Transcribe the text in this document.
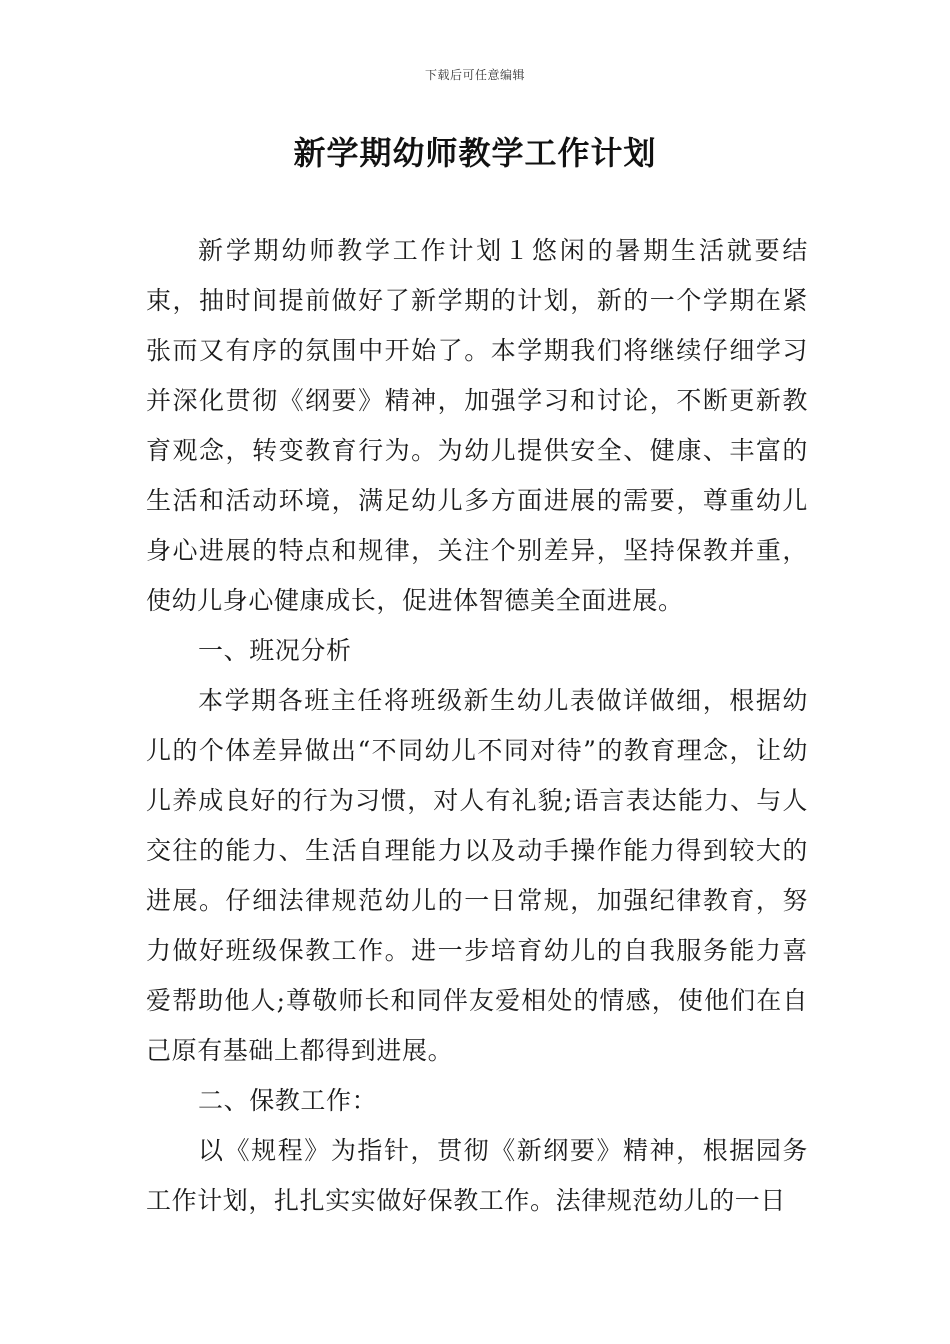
下载后可任意编辑
新学期幼师教学工作计划

新学期幼师教学工作计划１悠闲的暑期生活就要结束，抽时间提前做好了新学期的计划，新的一个学期在紧张而又有序的氛围中开始了。本学期我们将继续仔细学习并深化贯彻《纲要》精神，加强学习和讨论，不断更新教育观念，转变教育行为。为幼儿提供安全、健康、丰富的生活和活动环境，满足幼儿多方面进展的需要，尊重幼儿身心进展的特点和规律，关注个别差异，坚持保教并重，使幼儿身心健康成长，促进体智德美全面进展。

一、班况分析

本学期各班主任将班级新生幼儿表做详做细，根据幼儿的个体差异做出“不同幼儿不同对待”的教育理念，让幼儿养成良好的行为习惯，对人有礼貌;语言表达能力、与人交往的能力、生活自理能力以及动手操作能力得到较大的进展。仔细法律规范幼儿的一日常规，加强纪律教育，努力做好班级保教工作。进一步培育幼儿的自我服务能力喜爱帮助他人;尊敬师长和同伴友爱相处的情感，使他们在自己原有基础上都得到进展。

二、保教工作：

以《规程》为指针，贯彻《新纲要》精神，根据园务工作计划，扎扎实实做好保教工作。法律规范幼儿的一日
